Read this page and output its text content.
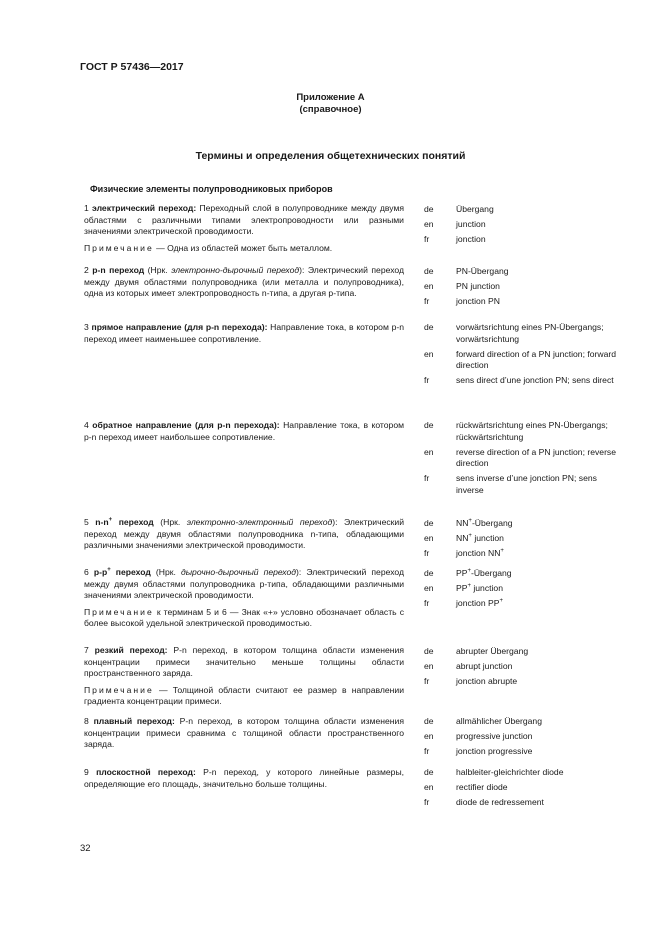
ГОСТ Р 57436—2017
Приложение А
(справочное)
Термины и определения общетехнических понятий
Физические элементы полупроводниковых приборов
1 электрический переход: Переходный слой в полупроводнике между двумя областями с различными типами электропроводности или разными значениями электрической проводимости.
Примечание — Одна из областей может быть металлом.
de	Übergang
en	junction
fr	jonction
2 p-n переход (Нрк. электронно-дырочный переход): Электрический переход между двумя областями полупроводника (или металла и полупроводника), одна из которых имеет электропроводность n-типа, а другая p-типа.
de	PN-Übergang
en	PN junction
fr	jonction PN
3 прямое направление (для p-n перехода): Направление тока, в котором p-n переход имеет наименьшее сопротивление.
de	vorwärtsrichtung eines PN-Übergangs; vorwärtsrichtung
en	forward direction of a PN junction; forward direction
fr	sens direct d’une jonction PN; sens direct
4 обратное направление (для p-n перехода): Направление тока, в котором p-n переход имеет наибольшее сопротивление.
de	rückwärtsrichtung eines PN-Übergangs; rückwärtsrichtung
en	reverse direction of a PN junction; reverse direction
fr	sens inverse d’une jonction PN; sens inverse
5 n-n+ переход (Нрк. электронно-электронный переход): Электрический переход между двумя областями полупроводника n-типа, обладающими различными значениями электрической проводимости.
de	NN+-Übergang
en	NN+ junction
fr	jonction NN+
6 p-p+ переход (Нрк. дырочно-дырочный переход): Электрический переход между двумя областями полупроводника p-типа, обладающими различными значениями электрической проводимости.
Примечание к терминам 5 и 6 — Знак «+» условно обозначает область с более высокой удельной электрической проводимостью.
de	PP+-Übergang
en	PP+ junction
fr	jonction PP+
7 резкий переход: P-n переход, в котором толщина области изменения концентрации примеси значительно меньше толщины области пространственного заряда.
Примечание — Толщиной области считают ее размер в направлении градиента концентрации примеси.
de	abrupter Übergang
en	abrupt junction
fr	jonction abrupte
8 плавный переход: P-n переход, в котором толщина области изменения концентрации примеси сравнима с толщиной области пространственного заряда.
de	allmählicher Übergang
en	progressive junction
fr	jonction progressive
9 плоскостной переход: P-n переход, у которого линейные размеры, определяющие его площадь, значительно больше толщины.
de	halbleiter-gleichrichter diode
en	rectifier diode
fr	diode de redressement
32
